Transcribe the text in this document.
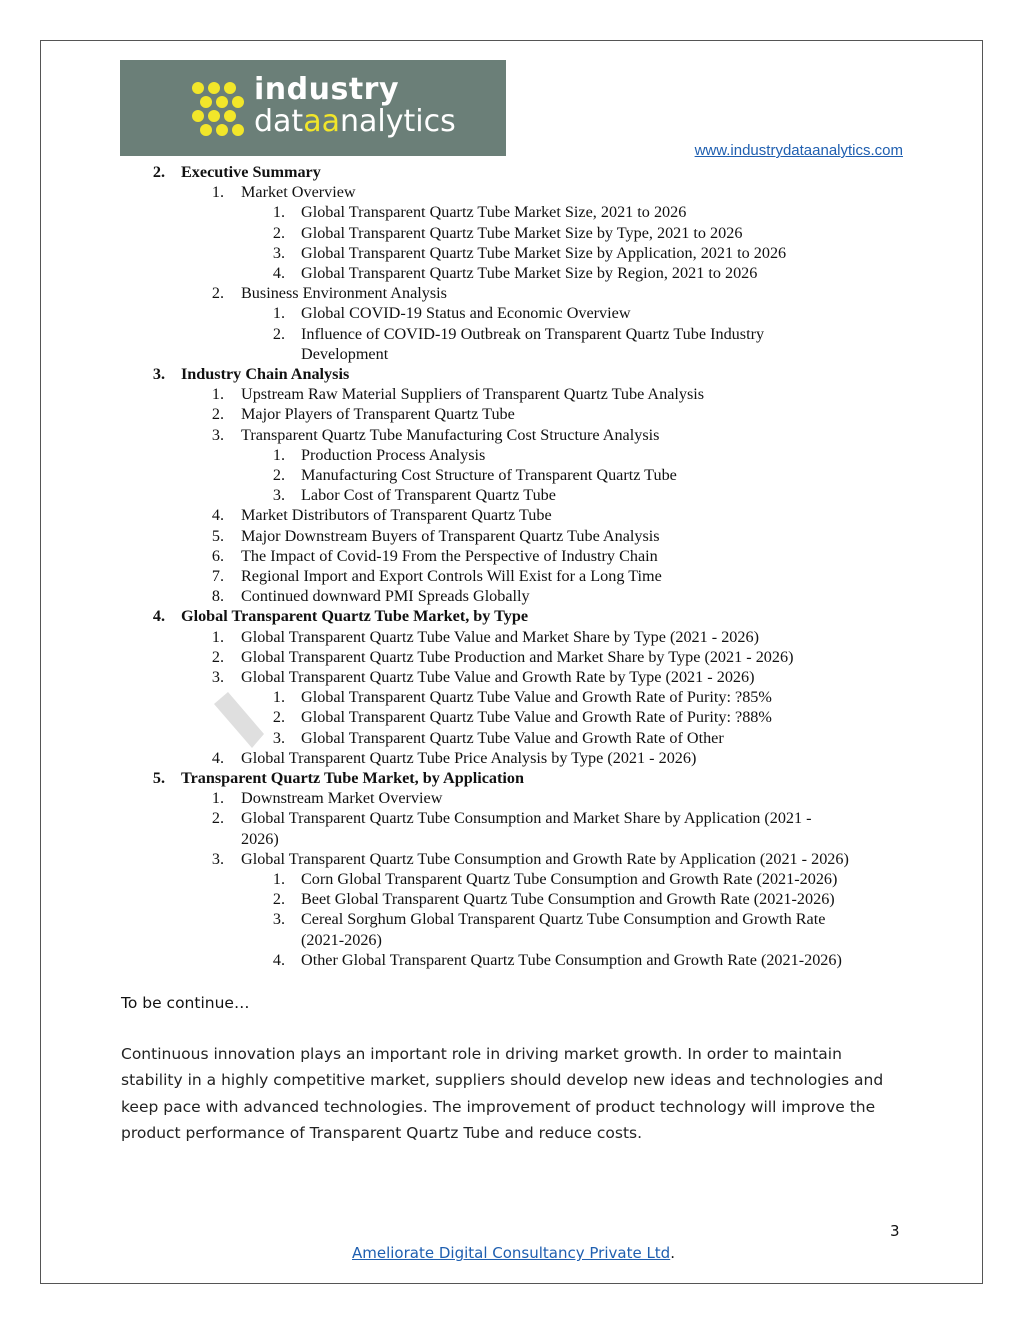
industry
dataanalytics
www.industrydataanalytics.com
2. Executive Summary
1. Market Overview
1. Global Transparent Quartz Tube Market Size, 2021 to 2026
2. Global Transparent Quartz Tube Market Size by Type, 2021 to 2026
3. Global Transparent Quartz Tube Market Size by Application, 2021 to 2026
4. Global Transparent Quartz Tube Market Size by Region, 2021 to 2026
2. Business Environment Analysis
1. Global COVID-19 Status and Economic Overview
2. Influence of COVID-19 Outbreak on Transparent Quartz Tube Industry
Development
3. Industry Chain Analysis
1. Upstream Raw Material Suppliers of Transparent Quartz Tube Analysis
2. Major Players of Transparent Quartz Tube
3. Transparent Quartz Tube Manufacturing Cost Structure Analysis
1. Production Process Analysis
2. Manufacturing Cost Structure of Transparent Quartz Tube
3. Labor Cost of Transparent Quartz Tube
4. Market Distributors of Transparent Quartz Tube
5. Major Downstream Buyers of Transparent Quartz Tube Analysis
6. The Impact of Covid-19 From the Perspective of Industry Chain
7. Regional Import and Export Controls Will Exist for a Long Time
8. Continued downward PMI Spreads Globally
4. Global Transparent Quartz Tube Market, by Type
1. Global Transparent Quartz Tube Value and Market Share by Type (2021 - 2026)
2. Global Transparent Quartz Tube Production and Market Share by Type (2021 - 2026)
3. Global Transparent Quartz Tube Value and Growth Rate by Type (2021 - 2026)
1. Global Transparent Quartz Tube Value and Growth Rate of Purity: ?85%
2. Global Transparent Quartz Tube Value and Growth Rate of Purity: ?88%
3. Global Transparent Quartz Tube Value and Growth Rate of Other
4. Global Transparent Quartz Tube Price Analysis by Type (2021 - 2026)
5. Transparent Quartz Tube Market, by Application
1. Downstream Market Overview
2. Global Transparent Quartz Tube Consumption and Market Share by Application (2021 -
2026)
3. Global Transparent Quartz Tube Consumption and Growth Rate by Application (2021 - 2026)
1. Corn Global Transparent Quartz Tube Consumption and Growth Rate (2021-2026)
2. Beet Global Transparent Quartz Tube Consumption and Growth Rate (2021-2026)
3. Cereal Sorghum Global Transparent Quartz Tube Consumption and Growth Rate
(2021-2026)
4. Other Global Transparent Quartz Tube Consumption and Growth Rate (2021-2026)
To be continue…
Continuous innovation plays an important role in driving market growth. In order to maintain stability in a highly competitive market, suppliers should develop new ideas and technologies and keep pace with advanced technologies. The improvement of product technology will improve the product performance of Transparent Quartz Tube and reduce costs.
3
Ameliorate Digital Consultancy Private Ltd.
